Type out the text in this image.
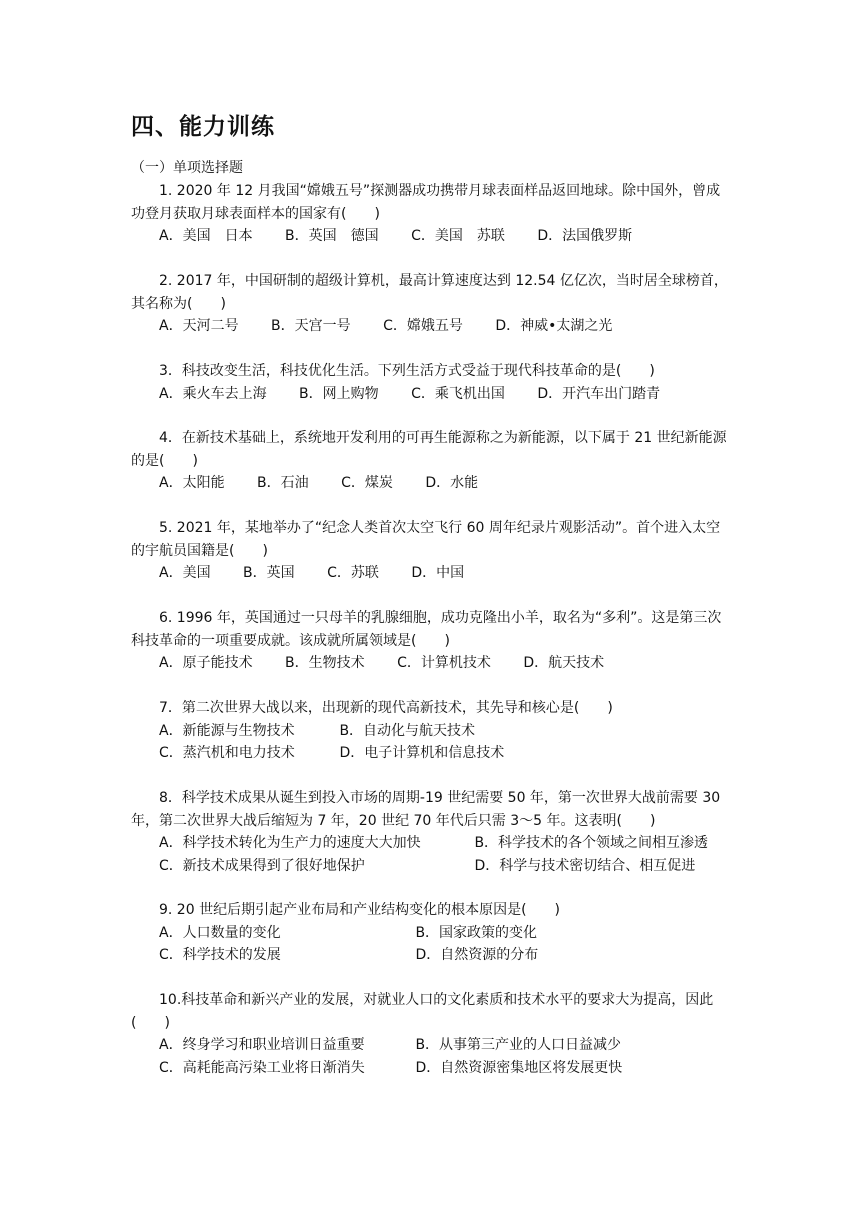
四、能力训练
（一）单项选择题

1. 2020 年 12 月我国“嫦娥五号”探测器成功携带月球表面样品返回地球。除中国外，曾成功登月获取月球表面样本的国家有(　　)

A．美国　日本 B．英国　德国 C．美国　苏联 D．法国俄罗斯

2. 2017 年，中国研制的超级计算机，最高计算速度达到 12.54 亿亿次，当时居全球榜首，其名称为(　　)

A．天河二号 B．天宫一号 C．嫦娥五号 D．神威•太湖之光

3．科技改变生活，科技优化生活。下列生活方式受益于现代科技革命的是(　　)

A．乘火车去上海 B．网上购物 C．乘飞机出国 D．开汽车出门踏青

4．在新技术基础上，系统地开发利用的可再生能源称之为新能源，以下属于 21 世纪新能源的是(　　)

A．太阳能 B．石油 C．煤炭 D．水能

5. 2021 年，某地举办了“纪念人类首次太空飞行 60 周年纪录片观影活动”。首个进入太空的宇航员国籍是(　　)

A．美国 B．英国 C．苏联 D．中国

6. 1996 年，英国通过一只母羊的乳腺细胞，成功克隆出小羊，取名为“多利”。这是第三次科技革命的一项重要成就。该成就所属领域是(　　)

A．原子能技术 B．生物技术 C．计算机技术 D．航天技术

7．第二次世界大战以来，出现新的现代高新技术，其先导和核心是(　　)

A．新能源与生物技术	B．自动化与航天技术
C．蒸汽机和电力技术	D．电子计算机和信息技术

8．科学技术成果从诞生到投入市场的周期-19 世纪需要 50 年，第一次世界大战前需要 30 年，第二次世界大战后缩短为 7 年，20 世纪 70 年代后只需 3～5 年。这表明(　　)

A．科学技术转化为生产力的速度大大加快	B．科学技术的各个领域之间相互渗透
C．新技术成果得到了很好地保护	D．科学与技术密切结合、相互促进

9. 20 世纪后期引起产业布局和产业结构变化的根本原因是(　　)

A．人口数量的变化	B．国家政策的变化
C．科学技术的发展	D．自然资源的分布

10.科技革命和新兴产业的发展，对就业人口的文化素质和技术水平的要求大为提高，因此(　　)

A．终身学习和职业培训日益重要	B．从事第三产业的人口日益减少
C．高耗能高污染工业将日渐消失	D．自然资源密集地区将发展更快
